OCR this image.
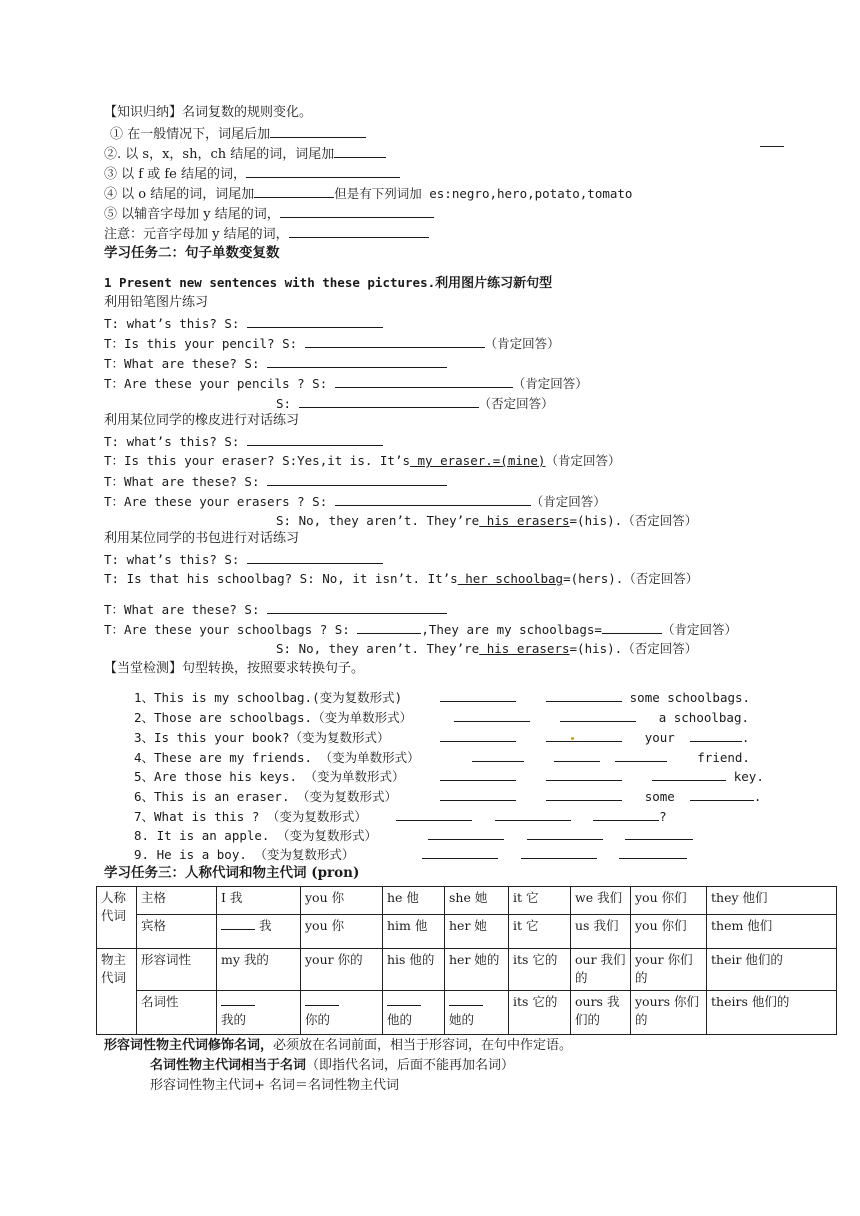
【知识归纳】名词复数的规则变化。
① 在一般情况下，词尾后加
②. 以 s，x，sh，ch 结尾的词，词尾加
③ 以 f 或 fe 结尾的词，
④ 以 o 结尾的词，词尾加	但是有下列词加 es:negro,hero,potato,tomato
⑤ 以辅音字母加 y 结尾的词，
注意：元音字母加 y 结尾的词，
学习任务二：句子单数变复数
1 Present new sentences with these pictures.利用图片练习新句型
利用铅笔图片练习
T: what’s this? S:
T：Is this your pencil? S:	（肯定回答）
T：What are these? S:
T：Are these your pencils ? S:	（肯定回答）
S:	（否定回答）
利用某位同学的橡皮进行对话练习
T: what’s this? S:
T：Is this your eraser? S:Yes,it is. It’s my eraser.=(mine)（肯定回答）
T：What are these? S:
T：Are these your erasers ? S:	（肯定回答）
S: No, they aren’t. They’re his erasers=(his).（否定回答）
利用某位同学的书包进行对话练习
T: what’s this? S:
T: Is that his schoolbag? S: No, it isn’t. It’s her schoolbag=(hers).（否定回答）
T：What are these? S:
T：Are these your schoolbags ? S:	,They are my schoolbags=	（肯定回答）
S: No, they aren’t. They’re his erasers=(his).（否定回答）
【当堂检测】句型转换，按照要求转换句子。
1、This is my schoolbag.(变为复数形式)	some schoolbags.
2、Those are schoolbags.（变为单数形式）	a schoolbag.
3、Is this your book?（变为复数形式）	your	.
4、These are my friends. （变为单数形式）	friend.
5、Are those his keys. （变为单数形式）	key.
6、This is an eraser. （变为复数形式）	some	.
7、What is this ? （变为复数形式）	?
8. It is an apple. （变为复数形式）
9. He is a boy. （变为复数形式）
学习任务三：人称代词和物主代词 (pron)
人称代词	主格	I 我	you 你	he 他	she 她	it 它	we 我们	you 你们	they 他们
	宾格	我	you 你	him 他	her 她	it 它	us 我们	you 你们	them 他们
物主代词	形容词性	my 我的	your 你的	his 他的	her 她的	its 它的	our 我们的	your 你们的	their 他们的
	名词性	我的	你的	他的	她的	its 它的	ours 我们的	yours 你们的	theirs 他们的
形容词性物主代词修饰名词，必须放在名词前面，相当于形容词，在句中作定语。
名词性物主代词相当于名词（即指代名词，后面不能再加名词）
形容词性物主代词+ 名词＝名词性物主代词
